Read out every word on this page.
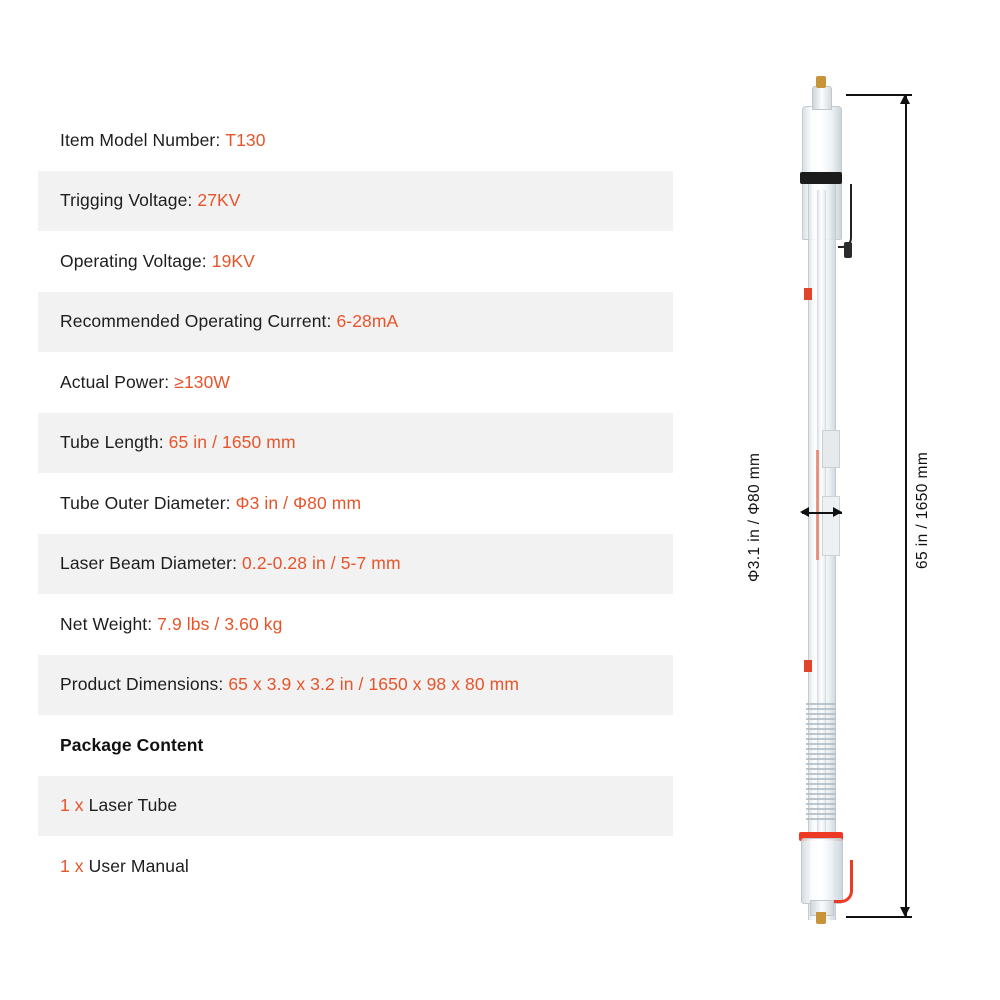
Item Model Number: T130
Trigging Voltage: 27KV
Operating Voltage: 19KV
Recommended Operating Current: 6-28mA
Actual Power: ≥130W
Tube Length: 65 in / 1650 mm
Tube Outer Diameter: Φ3 in / Φ80 mm
Laser Beam Diameter: 0.2-0.28 in / 5-7 mm
Net Weight: 7.9 lbs / 3.60 kg
Product Dimensions: 65 x 3.9 x 3.2 in / 1650 x 98 x 80 mm
Package Content
1 x Laser Tube
1 x User Manual
Φ3.1 in / Φ80 mm	65 in / 1650 mm
